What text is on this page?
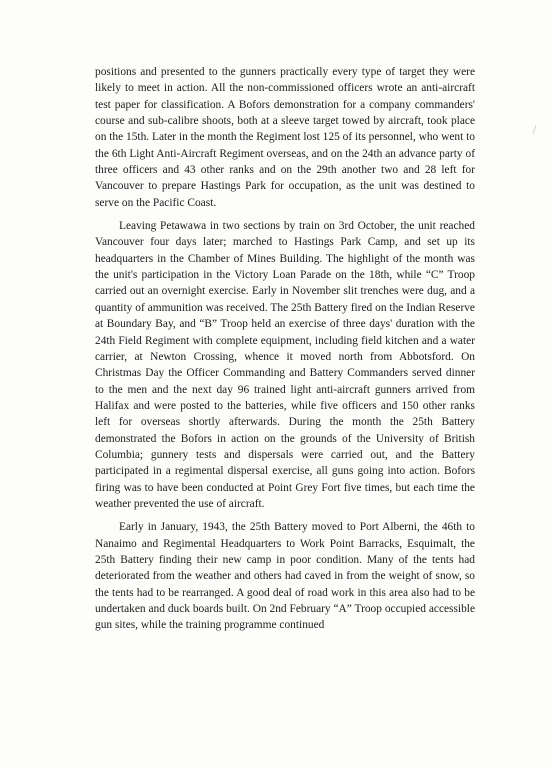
positions and presented to the gunners practically every type of target they were likely to meet in action. All the non-commissioned officers wrote an anti-aircraft test paper for classification. A Bofors demonstration for a company commanders' course and sub-calibre shoots, both at a sleeve target towed by aircraft, took place on the 15th. Later in the month the Regiment lost 125 of its personnel, who went to the 6th Light Anti-Aircraft Regiment overseas, and on the 24th an advance party of three officers and 43 other ranks and on the 29th another two and 28 left for Vancouver to prepare Hastings Park for occupation, as the unit was destined to serve on the Pacific Coast.

Leaving Petawawa in two sections by train on 3rd October, the unit reached Vancouver four days later; marched to Hastings Park Camp, and set up its headquarters in the Chamber of Mines Building. The highlight of the month was the unit's participation in the Victory Loan Parade on the 18th, while “C” Troop carried out an overnight exercise. Early in November slit trenches were dug, and a quantity of ammunition was received. The 25th Battery fired on the Indian Reserve at Boundary Bay, and “B” Troop held an exercise of three days' duration with the 24th Field Regiment with complete equipment, including field kitchen and a water carrier, at Newton Crossing, whence it moved north from Abbotsford. On Christmas Day the Officer Commanding and Battery Commanders served dinner to the men and the next day 96 trained light anti-aircraft gunners arrived from Halifax and were posted to the batteries, while five officers and 150 other ranks left for overseas shortly afterwards. During the month the 25th Battery demonstrated the Bofors in action on the grounds of the University of British Columbia; gunnery tests and dispersals were carried out, and the Battery participated in a regimental dispersal exercise, all guns going into action. Bofors firing was to have been conducted at Point Grey Fort five times, but each time the weather prevented the use of aircraft.

Early in January, 1943, the 25th Battery moved to Port Alberni, the 46th to Nanaimo and Regimental Headquarters to Work Point Barracks, Esquimalt, the 25th Battery finding their new camp in poor condition. Many of the tents had deteriorated from the weather and others had caved in from the weight of snow, so the tents had to be rearranged. A good deal of road work in this area also had to be undertaken and duck boards built. On 2nd February “A” Troop occupied accessible gun sites, while the training programme continued
